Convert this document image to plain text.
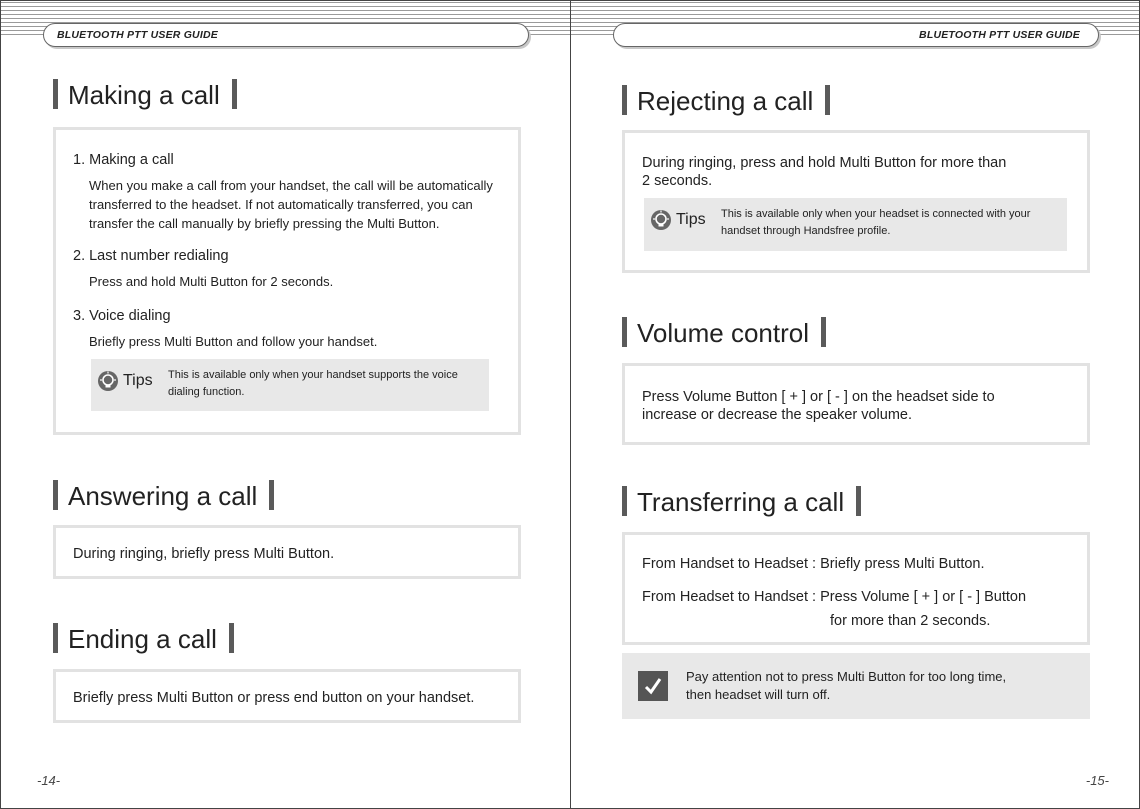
BLUETOOTH PTT USER GUIDE
Making a call
1. Making a call
When you make a call from your handset, the call will be automatically
transferred to the headset. If not automatically transferred, you can
transfer the call manually by briefly pressing the Multi Button.
2. Last number redialing
Press and hold Multi Button for 2 seconds.
3. Voice dialing
Briefly press Multi Button and follow your handset.
Tips This is available only when your handset supports the voice
dialing function.
Answering a call
During ringing, briefly press Multi Button.
Ending a call
Briefly press Multi Button or press end button on your handset.
-14-
BLUETOOTH PTT USER GUIDE
Rejecting a call
During ringing, press and hold Multi Button for more than
2 seconds.
Tips This is available only when your headset is connected with your
handset through Handsfree profile.
Volume control
Press Volume Button [ + ] or [ - ] on the headset side to
increase or decrease the speaker volume.
Transferring a call
From Handset to Headset : Briefly press Multi Button.
From Headset to Handset : Press Volume [ + ] or [ - ] Button
for more than 2 seconds.
Pay attention not to press Multi Button for too long time,
then headset will turn off.
-15-
